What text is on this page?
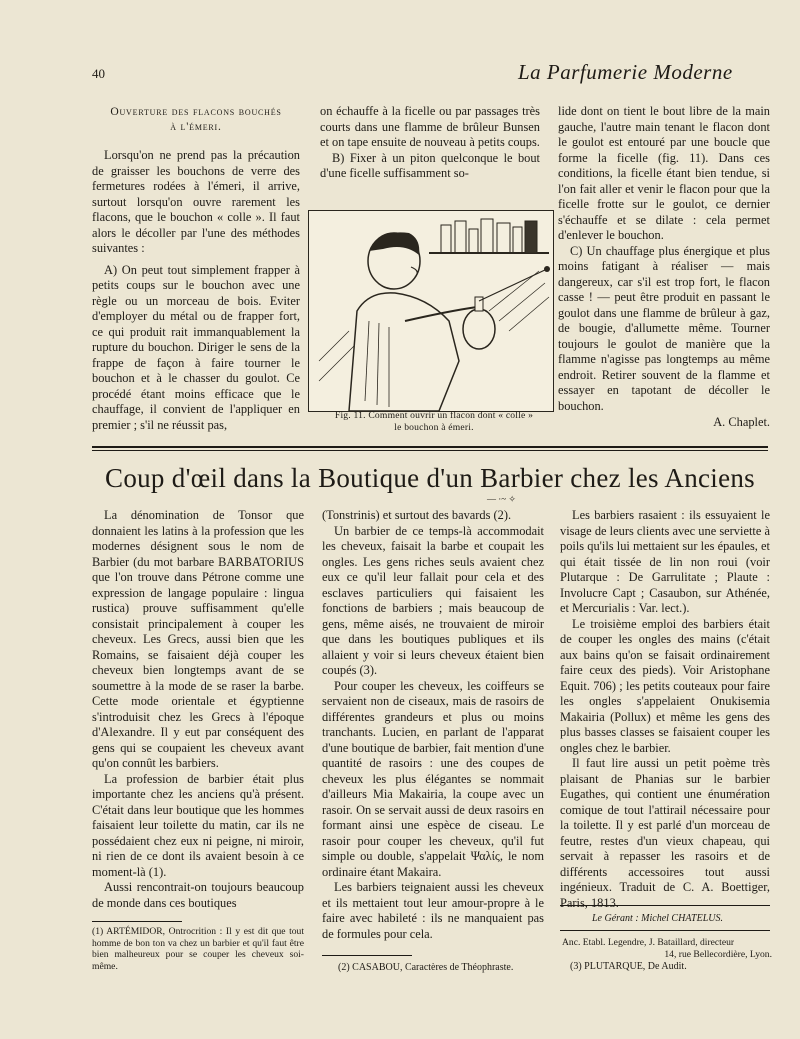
40	La Parfumerie Moderne
Ouverture des flacons bouchés
à l'émeri.

Lorsqu'on ne prend pas la précaution de graisser les bouchons de verre des fermetures rodées à l'émeri, il arrive, surtout lorsqu'on ouvre rarement les flacons, que le bouchon « colle ». Il faut alors le décoller par l'une des méthodes suivantes :

A) On peut tout simplement frapper à petits coups sur le bouchon avec une règle ou un morceau de bois. Eviter d'employer du métal ou de frapper fort, ce qui produit rait immanquablement la rupture du bouchon. Diriger le sens de la frappe de façon à faire tourner le bouchon et à le chasser du goulot. Ce procédé étant moins efficace que le chauffage, il convient de l'appliquer en premier ; s'il ne réussit pas,

on échauffe à la ficelle ou par passages très courts dans une flamme de brûleur Bunsen et on tape ensuite de nouveau à petits coups.

B) Fixer à un piton quelconque le bout d'une ficelle suffisamment so-

Fig. 11. Comment ouvrir un flacon dont « colle » le bouchon à émeri.

lide dont on tient le bout libre de la main gauche, l'autre main tenant le flacon dont le goulot est entouré par une boucle que forme la ficelle (fig. 11). Dans ces conditions, la ficelle étant bien tendue, si l'on fait aller et venir le flacon pour que la ficelle frotte sur le goulot, ce dernier s'échauffe et se dilate : cela permet d'enlever le bouchon.

C) Un chauffage plus énergique et plus moins fatigant à réaliser — mais dangereux, car s'il est trop fort, le flacon casse ! — peut être produit en passant le goulot dans une flamme de brûleur à gaz, de bougie, d'allumette même. Tourner toujours le goulot de manière que la flamme n'agisse pas longtemps au même endroit. Retirer souvent de la flamme et essayer en tapotant de décoller le bouchon.

A. Chaplet.
Coup d'œil dans la Boutique d'un Barbier chez les Anciens
— ·~ ✧

La dénomination de Tonsor que donnaient les latins à la profession que les modernes désignent sous le nom de Barbier (du mot barbare BARBATORIUS que l'on trouve dans Pétrone comme une expression de langage populaire : lingua rustica) prouve suffisamment qu'elle consistait principalement à couper les cheveux. Les Grecs, aussi bien que les Romains, se faisaient déjà couper les cheveux bien longtemps avant de se soumettre à la mode de se raser la barbe. Cette mode orientale et égyptienne s'introduisit chez les Grecs à l'époque d'Alexandre. Il y eut par conséquent des gens qui se coupaient les cheveux avant qu'on connût les barbiers.

La profession de barbier était plus importante chez les anciens qu'à présent. C'était dans leur boutique que les hommes faisaient leur toilette du matin, car ils ne possédaient chez eux ni peigne, ni miroir, ni rien de ce dont ils avaient besoin à ce moment-là (1).

Aussi rencontrait-on toujours beaucoup de monde dans ces boutiques

(1) ARTÉMIDOR, Ontrocrition : Il y est dit que tout homme de bon ton va chez un barbier et qu'il faut être bien malheureux pour se couper les cheveux soi-même.

(Tonstrinis) et surtout des bavards (2).

Un barbier de ce temps-là accommodait les cheveux, faisait la barbe et coupait les ongles. Les gens riches seuls avaient chez eux ce qu'il leur fallait pour cela et des esclaves particuliers qui faisaient les fonctions de barbiers ; mais beaucoup de gens, même aisés, ne trouvaient de miroir que dans les boutiques publiques et ils allaient y voir si leurs cheveux étaient bien coupés (3).

Pour couper les cheveux, les coiffeurs se servaient non de ciseaux, mais de rasoirs de différentes grandeurs et plus ou moins tranchants. Lucien, en parlant de l'apparat d'une boutique de barbier, fait mention d'une quantité de rasoirs : une des coupes de cheveux les plus élégantes se nommait d'ailleurs Mia Makairia, la coupe avec un rasoir. On se servait aussi de deux rasoirs en formant ainsi une espèce de ciseau. Le rasoir pour couper les cheveux, qu'il fut simple ou double, s'appelait Ψαλίς, le nom ordinaire étant Makaira.

Les barbiers teignaient aussi les cheveux et ils mettaient tout leur amour-propre à le faire avec habileté : ils ne manquaient pas de formules pour cela.

(2) CASABOU, Caractères de Théophraste.

Les barbiers rasaient : ils essuyaient le visage de leurs clients avec une serviette à poils qu'ils lui mettaient sur les épaules, et qui était tissée de lin non roui (voir Plutarque : De Garrulitate ; Plaute : Involucre Capt ; Casaubon, sur Athénée, et Mercurialis : Var. lect.).

Le troisième emploi des barbiers était de couper les ongles des mains (c'était aux bains qu'on se faisait ordinairement faire ceux des pieds). Voir Aristophane Equit. 706) ; les petits couteaux pour faire les ongles s'appelaient Onukisemia Makairia (Pollux) et même les gens des plus basses classes se faisaient couper les ongles chez le barbier.

Il faut lire aussi un petit poème très plaisant de Phanias sur le barbier Eugathes, qui contient une énumération comique de tout l'attirail nécessaire pour la toilette. Il y est parlé d'un morceau de feutre, restes d'un vieux chapeau, qui servait à repasser les rasoirs et de différents accessoires tout aussi ingénieux. Traduit de C. A. Boettiger, Paris, 1813.

Le Gérant : Michel CHATELUS.
Anc. Etabl. Legendre, J. Bataillard, directeur
14, rue Bellecordière, Lyon.
(3) PLUTARQUE, De Audit.
